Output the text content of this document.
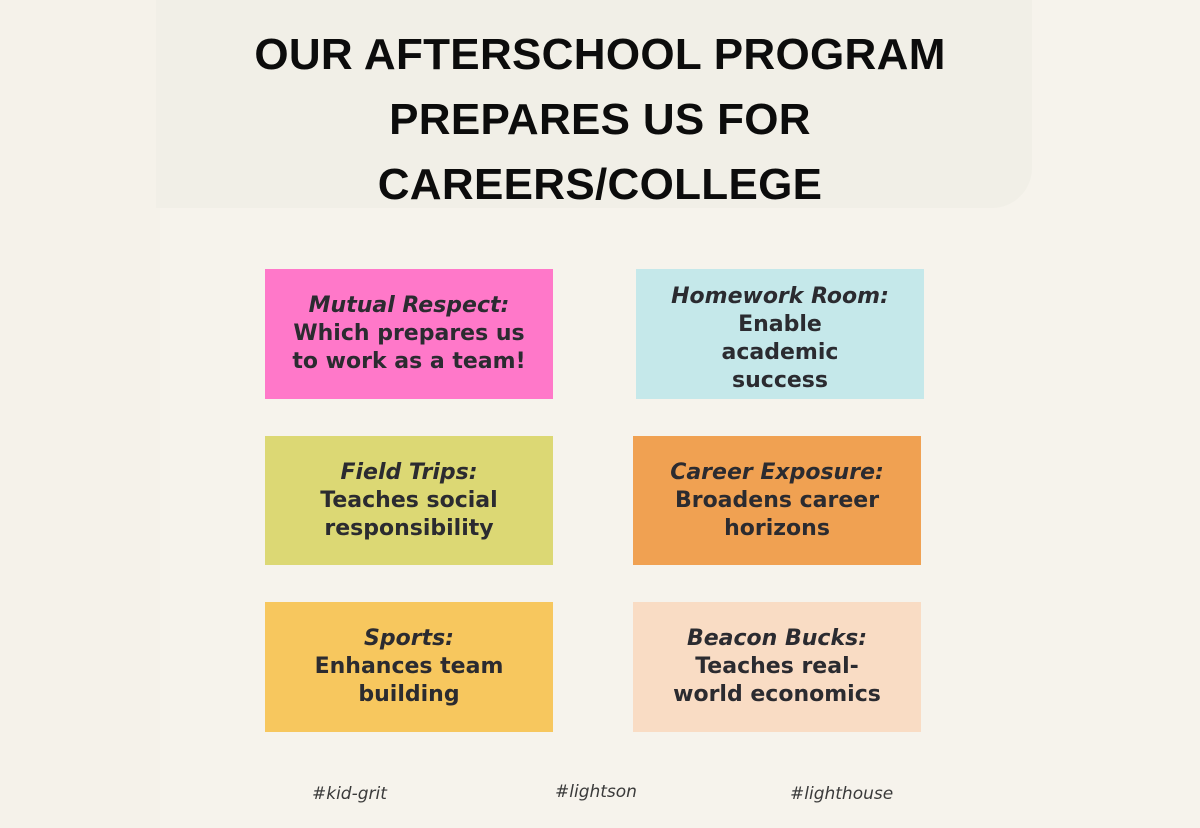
OUR AFTERSCHOOL PROGRAM
PREPARES US FOR
CAREERS/COLLEGE
Mutual Respect:
Which prepares us
to work as a team!
Homework Room:
Enable
academic
success
Field Trips:
Teaches social
responsibility
Career Exposure:
Broadens career
horizons
Sports:
Enhances team
building
Beacon Bucks:
Teaches real-
world economics
#kid-grit	#lightson	#lighthouse
